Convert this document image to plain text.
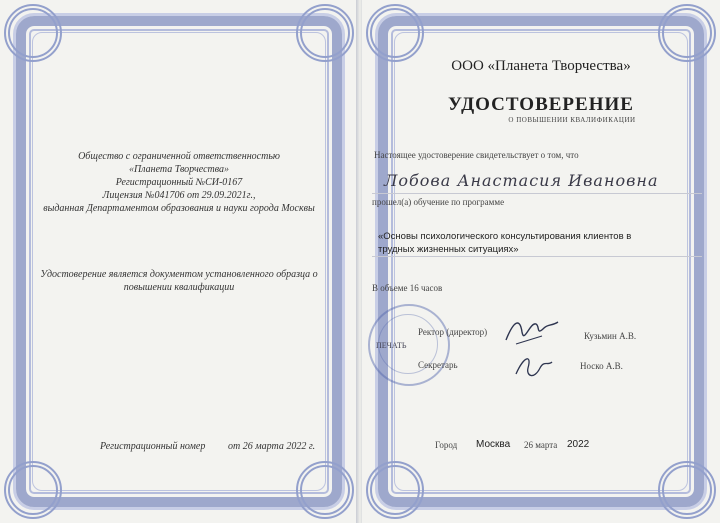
Общество с ограниченной ответственностью
«Планета Творчества»
Регистрационный №СИ-0167
Лицензия №041706 от 29.09.2021г.,
выданная Департаментом образования и науки города Москвы
Удостоверение является документом установленного образца о
повышении квалификации
Регистрационный номер от 26 марта 2022 г.
ООО «Планета Творчества»
УДОСТОВЕРЕНИЕ
О ПОВЫШЕНИИ КВАЛИФИКАЦИИ
Настоящее удостоверение свидетельствует о том, что
Лобова Анастасия Ивановна
прошел(а) обучение по программе
«Основы психологического консультирования клиентов в
трудных жизненных ситуациях»
В объеме 16 часов
ПЕЧАТЬ
Ректор (директор)	Кузьмин А.В.
Секретарь	Носко А.В.
Город Москва 26 марта 2022
